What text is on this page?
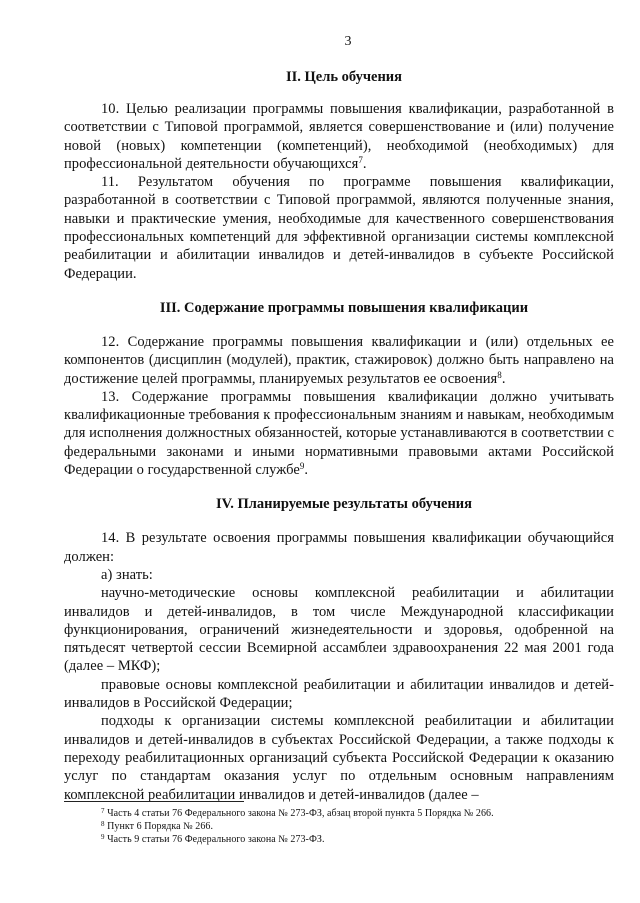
3
II. Цель обучения

10. Целью реализации программы повышения квалификации, разработанной в соответствии с Типовой программой, является совершенствование и (или) получение новой (новых) компетенции (компетенций), необходимой (необходимых) для профессиональной деятельности обучающихся$^7$.

11. Результатом обучения по программе повышения квалификации, разработанной в соответствии с Типовой программой, являются полученные знания, навыки и практические умения, необходимые для качественного совершенствования профессиональных компетенций для эффективной организации системы комплексной реабилитации и абилитации инвалидов и детей-инвалидов в субъекте Российской Федерации.

III. Содержание программы повышения квалификации

12. Содержание программы повышения квалификации и (или) отдельных ее компонентов (дисциплин (модулей), практик, стажировок) должно быть направлено на достижение целей программы, планируемых результатов ее освоения$^8$.

13. Содержание программы повышения квалификации должно учитывать квалификационные требования к профессиональным знаниям и навыкам, необходимым для исполнения должностных обязанностей, которые устанавливаются в соответствии с федеральными законами и иными нормативными правовыми актами Российской Федерации о государственной службе$^9$.

IV. Планируемые результаты обучения

14. В результате освоения программы повышения квалификации обучающийся должен:

а) знать:

научно-методические основы комплексной реабилитации и абилитации инвалидов и детей-инвалидов, в том числе Международной классификации функционирования, ограничений жизнедеятельности и здоровья, одобренной на пятьдесят четвертой сессии Всемирной ассамблеи здравоохранения 22 мая 2001 года (далее – МКФ);

правовые основы комплексной реабилитации и абилитации инвалидов и детей-инвалидов в Российской Федерации;

подходы к организации системы комплексной реабилитации и абилитации инвалидов и детей-инвалидов в субъектах Российской Федерации, а также подходы к переходу реабилитационных организаций субъекта Российской Федерации к оказанию услуг по стандартам оказания услуг по отдельным основным направлениям комплексной реабилитации инвалидов и детей-инвалидов (далее –

$^7$ Часть 4 статьи 76 Федерального закона № 273-ФЗ, абзац второй пункта 5 Порядка № 266.

$^8$ Пункт 6 Порядка № 266.

$^9$ Часть 9 статьи 76 Федерального закона № 273-ФЗ.
